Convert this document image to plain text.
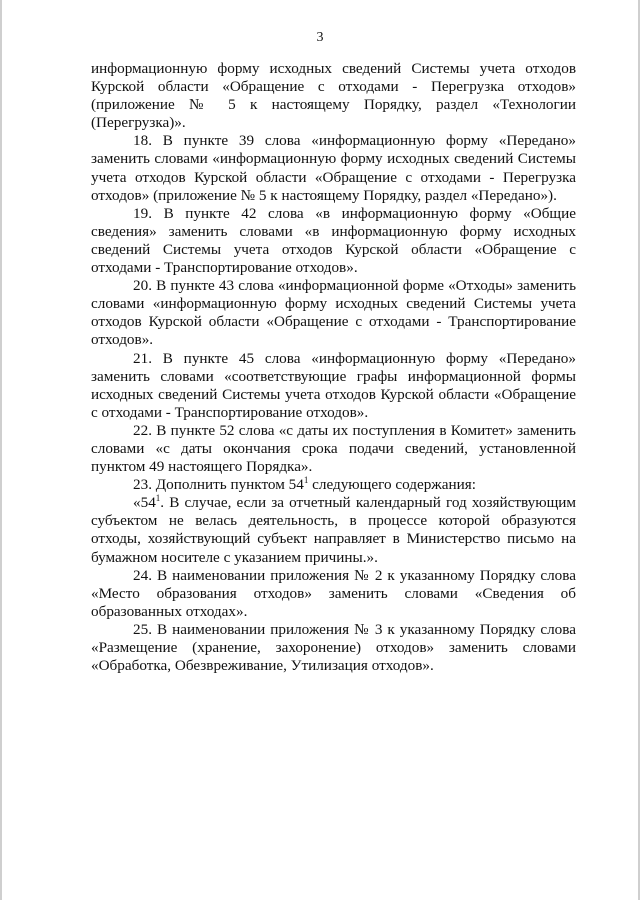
3

информационную форму исходных сведений Системы учета отходов Курской области «Обращение с отходами - Перегрузка отходов» (приложение № 5 к настоящему Порядку, раздел «Технологии (Перегрузка)».

18. В пункте 39 слова «информационную форму «Передано» заменить словами «информационную форму исходных сведений Системы учета отходов Курской области «Обращение с отходами - Перегрузка отходов» (приложение № 5 к настоящему Порядку, раздел «Передано»).

19. В пункте 42 слова «в информационную форму «Общие сведения» заменить словами «в информационную форму исходных сведений Системы учета отходов Курской области «Обращение с отходами - Транспортирование отходов».

20. В пункте 43 слова «информационной форме «Отходы» заменить словами «информационную форму исходных сведений Системы учета отходов Курской области «Обращение с отходами - Транспортирование отходов».

21. В пункте 45 слова «информационную форму «Передано» заменить словами «соответствующие графы информационной формы исходных сведений Системы учета отходов Курской области «Обращение с отходами - Транспортирование отходов».

22. В пункте 52 слова «с даты их поступления в Комитет» заменить словами «с даты окончания срока подачи сведений, установленной пунктом 49 настоящего Порядка».

23. Дополнить пунктом $54^1$ следующего содержания:

«$54^1$. В случае, если за отчетный календарный год хозяйствующим субъектом не велась деятельность, в процессе которой образуются отходы, хозяйствующий субъект направляет в Министерство письмо на бумажном носителе с указанием причины.».

24. В наименовании приложения № 2 к указанному Порядку слова «Место образования отходов» заменить словами «Сведения об образованных отходах».

25. В наименовании приложения № 3 к указанному Порядку слова «Размещение (хранение, захоронение) отходов» заменить словами «Обработка, Обезвреживание, Утилизация отходов».
